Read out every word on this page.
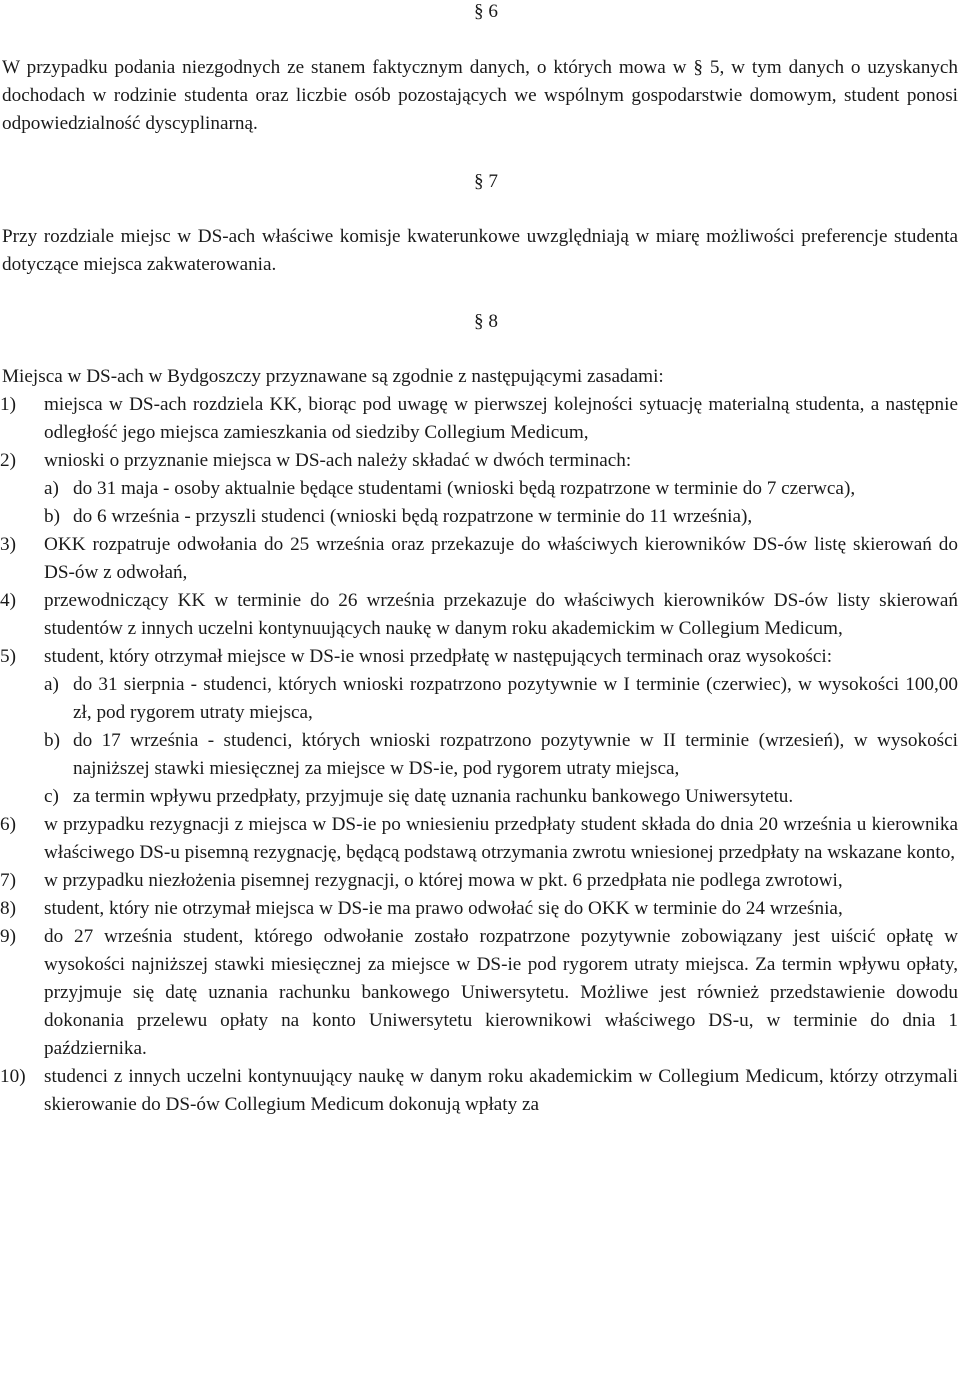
§ 6

W przypadku podania niezgodnych ze stanem faktycznym danych, o których mowa w § 5, w tym danych o uzyskanych dochodach w rodzinie studenta oraz liczbie osób pozostających we wspólnym gospodarstwie domowym, student ponosi odpowiedzialność dyscyplinarną.

§ 7

Przy rozdziale miejsc w DS-ach właściwe komisje kwaterunkowe uwzględniają w miarę możliwości preferencje studenta dotyczące miejsca zakwaterowania.

§ 8

Miejsca w DS-ach w Bydgoszczy przyznawane są zgodnie z następującymi zasadami:

1) miejsca w DS-ach rozdziela KK, biorąc pod uwagę w pierwszej kolejności sytuację materialną studenta, a następnie odległość jego miejsca zamieszkania od siedziby Collegium Medicum,

2) wnioski o przyznanie miejsca w DS-ach należy składać w dwóch terminach:

a) do 31 maja - osoby aktualnie będące studentami (wnioski będą rozpatrzone w terminie do 7 czerwca),

b) do 6 września - przyszli studenci (wnioski będą rozpatrzone w terminie do 11 września),

3) OKK rozpatruje odwołania do 25 września oraz przekazuje do właściwych kierowników DS-ów listę skierowań do DS-ów z odwołań,

4) przewodniczący KK w terminie do 26 września przekazuje do właściwych kierowników DS-ów listy skierowań studentów z innych uczelni kontynuujących naukę w danym roku akademickim w Collegium Medicum,

5) student, który otrzymał miejsce w DS-ie wnosi przedpłatę w następujących terminach oraz wysokości:

a) do 31 sierpnia - studenci, których wnioski rozpatrzono pozytywnie w I terminie (czerwiec), w wysokości 100,00 zł, pod rygorem utraty miejsca,

b) do 17 września - studenci, których wnioski rozpatrzono pozytywnie w II terminie (wrzesień), w wysokości najniższej stawki miesięcznej za miejsce w DS-ie, pod rygorem utraty miejsca,

c) za termin wpływu przedpłaty, przyjmuje się datę uznania rachunku bankowego Uniwersytetu.

6) w przypadku rezygnacji z miejsca w DS-ie po wniesieniu przedpłaty student składa do dnia 20 września u kierownika właściwego DS-u pisemną rezygnację, będącą podstawą otrzymania zwrotu wniesionej przedpłaty na wskazane konto,

7) w przypadku niezłożenia pisemnej rezygnacji, o której mowa w pkt. 6 przedpłata nie podlega zwrotowi,

8) student, który nie otrzymał miejsca w DS-ie ma prawo odwołać się do OKK w terminie do 24 września,

9) do 27 września student, którego odwołanie zostało rozpatrzone pozytywnie zobowiązany jest uiścić opłatę w wysokości najniższej stawki miesięcznej za miejsce w DS-ie pod rygorem utraty miejsca. Za termin wpływu opłaty, przyjmuje się datę uznania rachunku bankowego Uniwersytetu. Możliwe jest również przedstawienie dowodu dokonania przelewu opłaty na konto Uniwersytetu kierownikowi właściwego DS-u, w terminie do dnia 1 października.

10) studenci z innych uczelni kontynuujący naukę w danym roku akademickim w Collegium Medicum, którzy otrzymali skierowanie do DS-ów Collegium Medicum dokonują wpłaty za
